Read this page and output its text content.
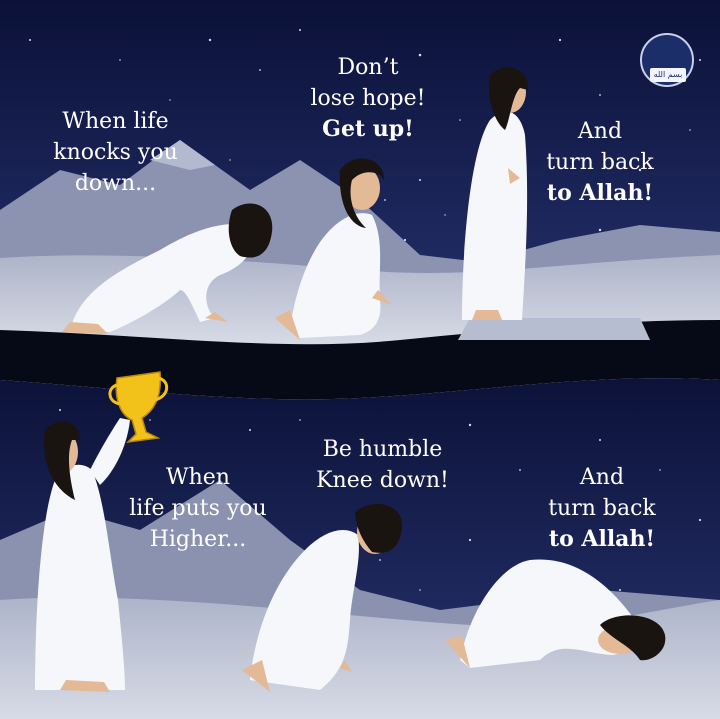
بسم الله
When life
knocks you
down...
Don’t
lose hope!
Get up!	And
turn back
to Allah!
When
life puts you
Higher...
Be humble
Knee down!	And
turn back
to Allah!
